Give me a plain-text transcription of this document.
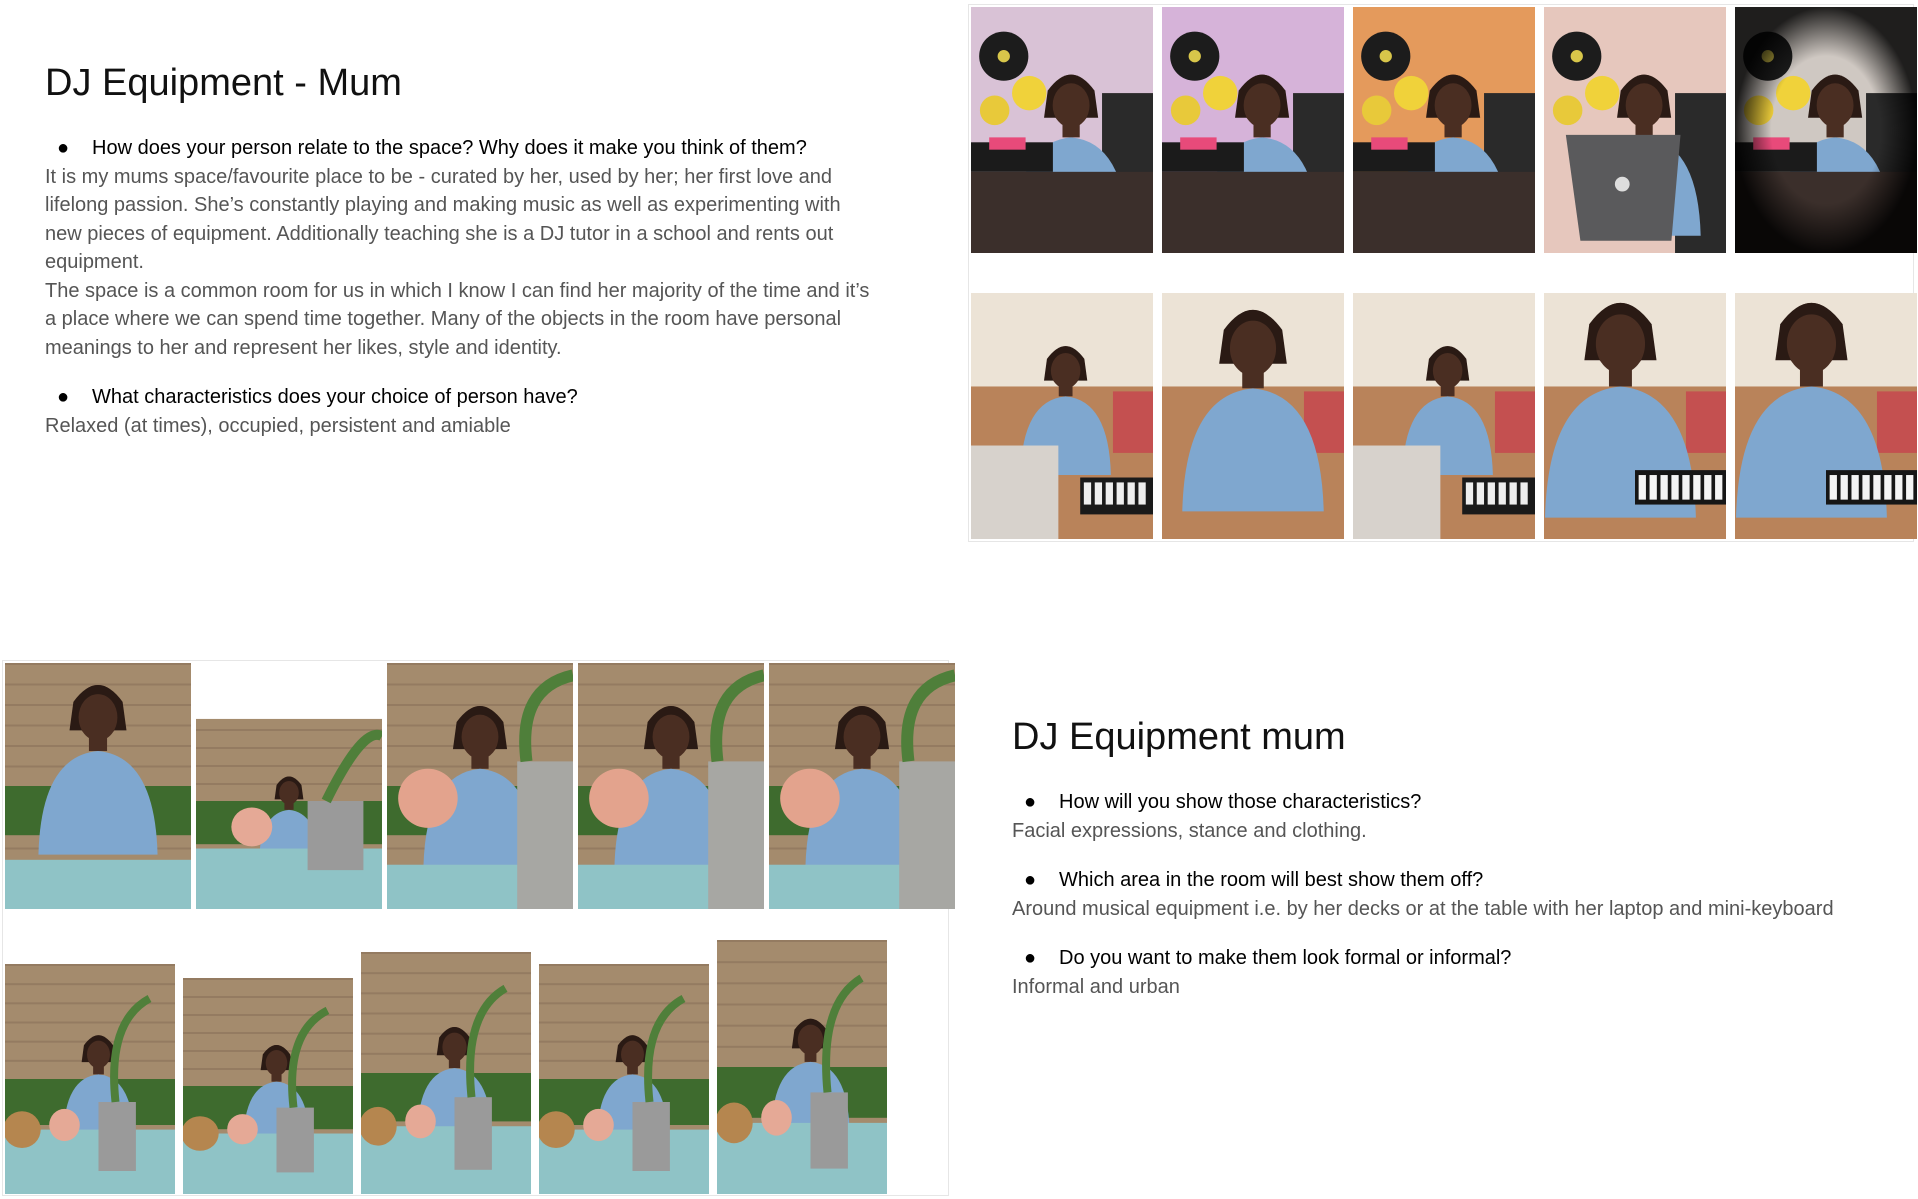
DJ Equipment - Mum
● How does your person relate to the space? Why does it make you think of them?
It is my mums space/favourite place to be - curated by her, used by her; her first love and
lifelong passion. She’s constantly playing and making music as well as experimenting with
new pieces of equipment. Additionally teaching she is a DJ tutor in a school and rents out
equipment.
The space is a common room for us in which I know I can find her majority of the time and it’s
a place where we can spend time together. Many of the objects in the room have personal
meanings to her and represent her likes, style and identity.
● What characteristics does your choice of person have?
Relaxed (at times), occupied, persistent and amiable
DJ Equipment mum
● How will you show those characteristics?
Facial expressions, stance and clothing.
● Which area in the room will best show them off?
Around musical equipment i.e. by her decks or at the table with her laptop and mini-keyboard
● Do you want to make them look formal or informal?
Informal and urban
